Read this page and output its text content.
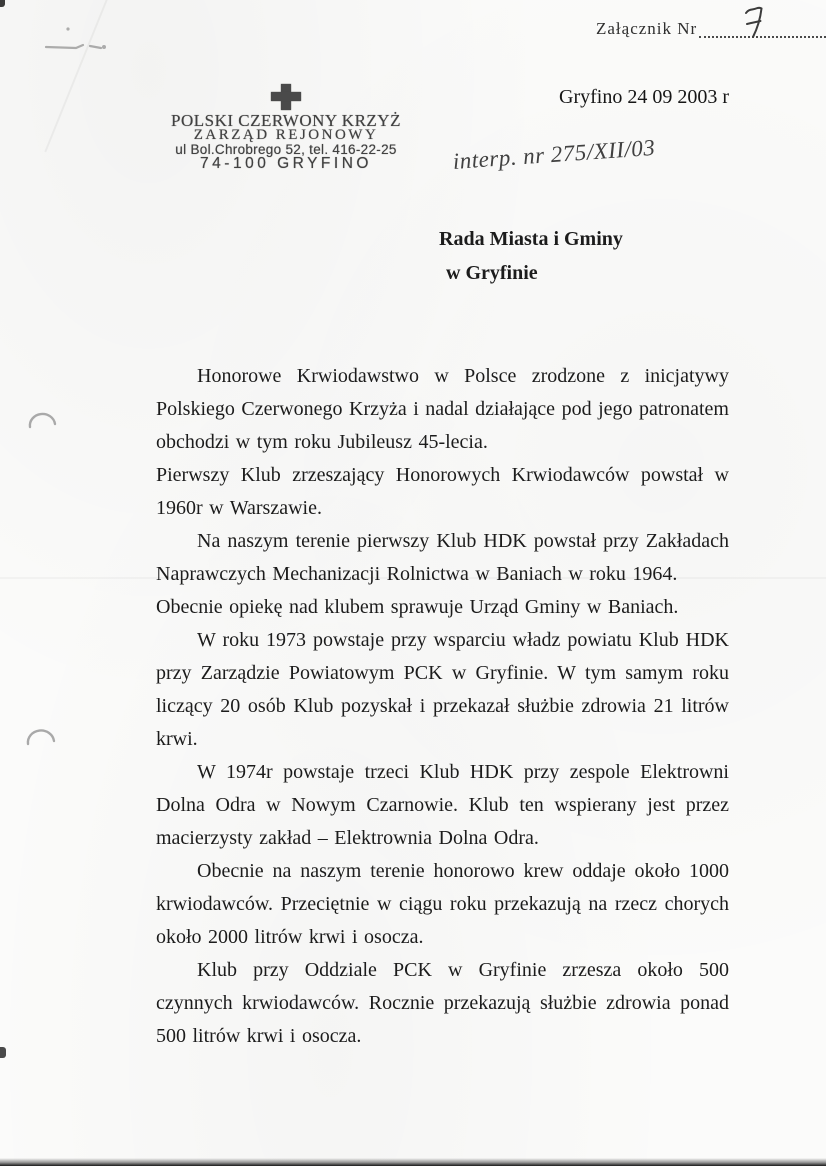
Załącznik Nr
POLSKI CZERWONY KRZYŻ
ZARZĄD REJONOWY
ul Bol.Chrobrego 52, tel. 416-22-25
74-100 GRYFINO
Gryfino 24 09 2003 r
interp. nr 275/XII/03
Rada Miasta i Gminy
w Gryfinie

Honorowe Krwiodawstwo w Polsce zrodzone z inicjatywy Polskiego Czerwonego Krzyża i nadal działające pod jego patronatem obchodzi w tym roku Jubileusz 45-lecia.

Pierwszy Klub zrzeszający Honorowych Krwiodawców powstał w 1960r w Warszawie.

Na naszym terenie pierwszy Klub HDK powstał przy Zakładach Naprawczych Mechanizacji Rolnictwa w Baniach w roku 1964.

Obecnie opiekę nad klubem sprawuje Urząd Gminy w Baniach.

W roku 1973 powstaje przy wsparciu władz powiatu Klub HDK przy Zarządzie Powiatowym PCK w Gryfinie. W tym samym roku liczący 20 osób Klub pozyskał i przekazał służbie zdrowia 21 litrów krwi.

W 1974r powstaje trzeci Klub HDK przy zespole Elektrowni Dolna Odra w Nowym Czarnowie. Klub ten wspierany jest przez macierzysty zakład – Elektrownia Dolna Odra.

Obecnie na naszym terenie honorowo krew oddaje około 1000 krwiodawców. Przeciętnie w ciągu roku przekazują na rzecz chorych około 2000 litrów krwi i osocza.

Klub przy Oddziale PCK w Gryfinie zrzesza około 500 czynnych krwiodawców. Rocznie przekazują służbie zdrowia ponad 500 litrów krwi i osocza.
